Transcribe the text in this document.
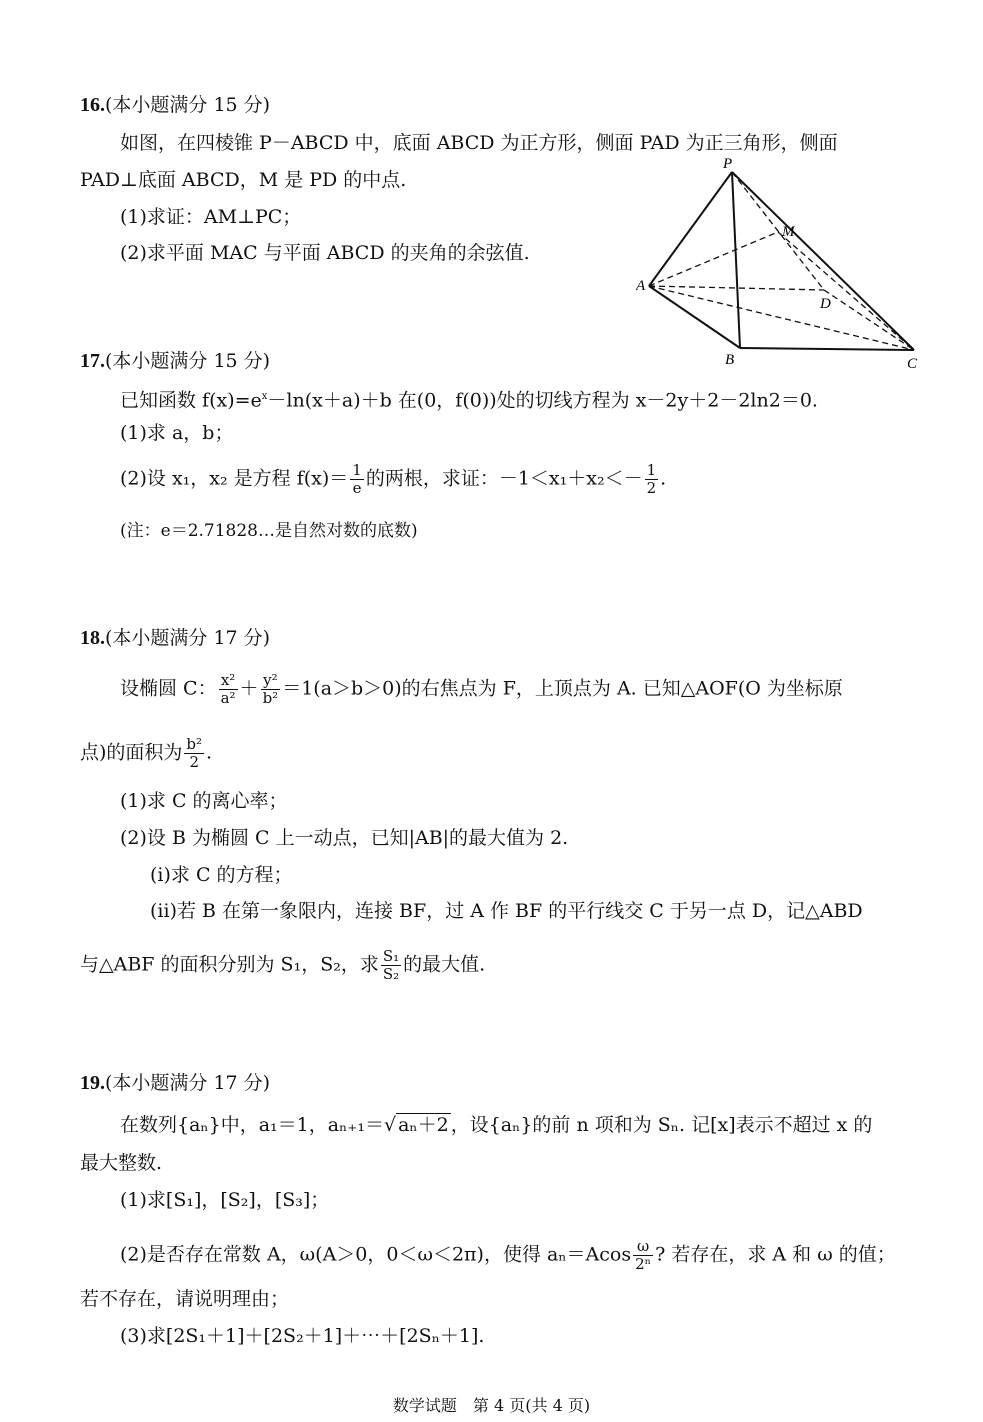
16.(本小题满分 15 分)
如图，在四棱锥 P－ABCD 中，底面 ABCD 为正方形，侧面 PAD 为正三角形，侧面
PAD⊥底面 ABCD，M 是 PD 的中点.
(1)求证：AM⊥PC；
(2)求平面 MAC 与平面 ABCD 的夹角的余弦值.
P
M
A
D
B	C
17.(本小题满分 15 分)
已知函数 $f(x)=e^x-\ln(x+a)+b$ 在(0，f(0))处的切线方程为 x－2y＋2－2ln2＝0.
(1)求 a，b；
(2)设 x₁，x₂ 是方程 $f(x)= \frac{1}{e}$ 的两根，求证：$-1<x_1+x_2<- \frac{1}{2}$ .
(注：e＝2.71828…是自然对数的底数)
18.(本小题满分 17 分)
设椭圆 C： $\frac{\text{x²}}{\text{a²}} + \frac{\text{y²}}{\text{b²}} =1(a>b>0)$的右焦点为 F，上顶点为 A. 已知△AOF(O 为坐标原
点)的面积为 $\frac{\text{b²}}{2}$ .
(1)求 C 的离心率；
(2)设 B 为椭圆 C 上一动点，已知|AB|的最大值为 2.
(i)求 C 的方程；
(ii)若 B 在第一象限内，连接 BF，过 A 作 BF 的平行线交 C 于另一点 D，记△ABD
与△ABF 的面积分别为 S₁，S₂，求 $\frac{\text{S₁}}{\text{S₂}}$ 的最大值.
19.(本小题满分 17 分)
在数列{aₙ}中，a₁＝1，aₙ₊₁＝√ aₙ＋2 ，设{aₙ}的前 n 项和为 Sₙ. 记[x]表示不超过 x 的
最大整数.
(1)求[S₁]，[S₂]，[S₃]；
(2)是否存在常数 A，ω(A＞0，0＜ω＜2π)，使得 $a_n=Acos \frac{\omega}{\text{2ⁿ}}$ ? 若存在，求 A 和 ω 的值；
若不存在，请说明理由；
(3)求[2S₁＋1]＋[2S₂＋1]＋⋯＋[2Sₙ＋1].
数学试题　第 4 页(共 4 页)
